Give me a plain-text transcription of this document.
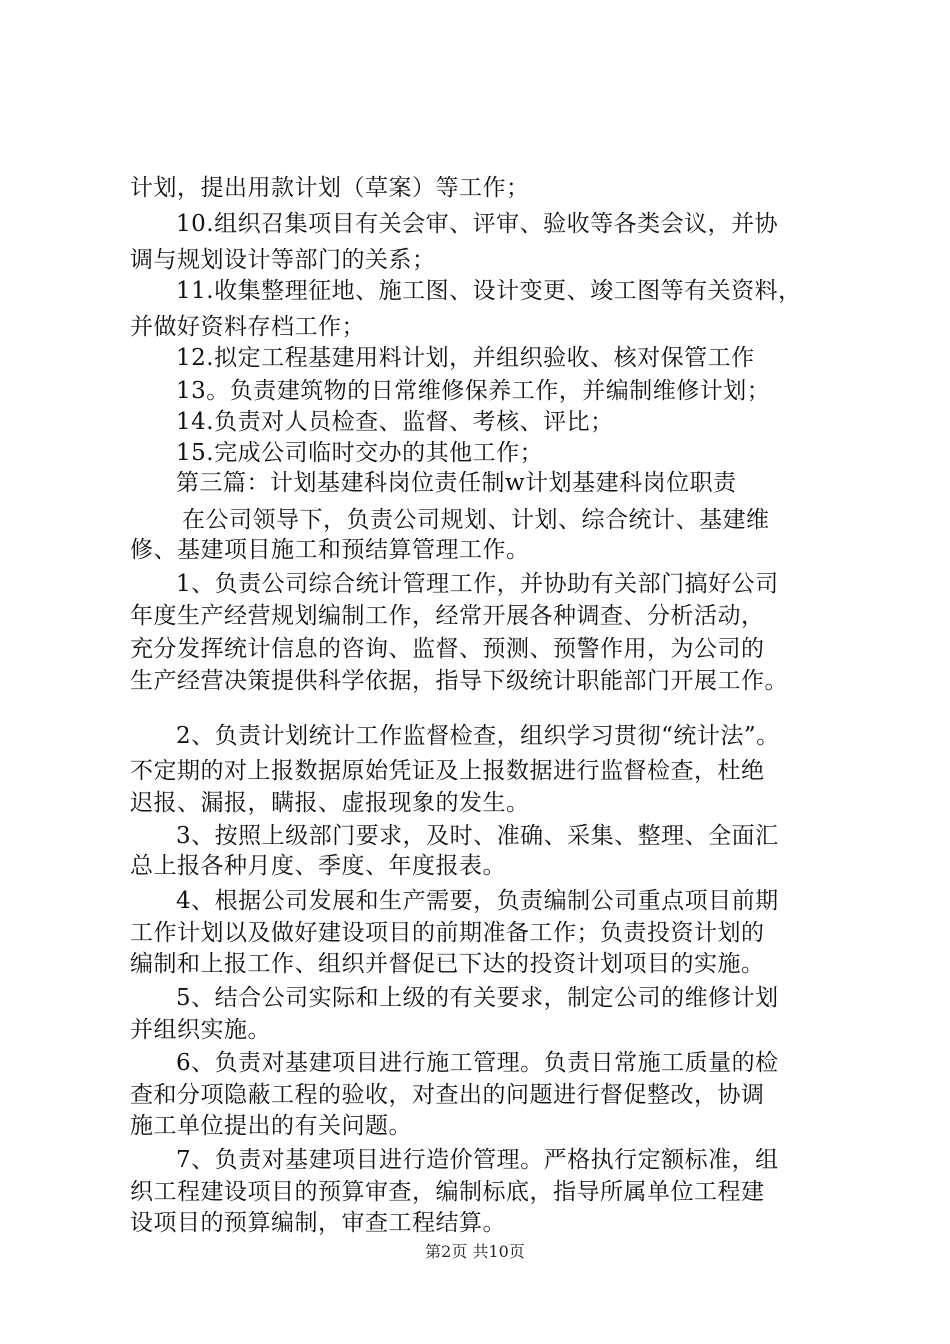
计划，提出用款计划（草案）等工作；
10.组织召集项目有关会审、评审、验收等各类会议，并协
调与规划设计等部门的关系；
11.收集整理征地、施工图、设计变更、竣工图等有关资料，
并做好资料存档工作；
12.拟定工程基建用料计划，并组织验收、核对保管工作
13。负责建筑物的日常维修保养工作，并编制维修计划；
14.负责对人员检查、监督、考核、评比；
15.完成公司临时交办的其他工作；
第三篇：计划基建科岗位责任制w计划基建科岗位职责
在公司领导下，负责公司规划、计划、综合统计、基建维
修、基建项目施工和预结算管理工作。
1、负责公司综合统计管理工作，并协助有关部门搞好公司
年度生产经营规划编制工作，经常开展各种调查、分析活动，
充分发挥统计信息的咨询、监督、预测、预警作用，为公司的
生产经营决策提供科学依据，指导下级统计职能部门开展工作。
2、负责计划统计工作监督检查，组织学习贯彻“统计法”。
不定期的对上报数据原始凭证及上报数据进行监督检查，杜绝
迟报、漏报，瞒报、虚报现象的发生。
3、按照上级部门要求，及时、准确、采集、整理、全面汇
总上报各种月度、季度、年度报表。
4、根据公司发展和生产需要，负责编制公司重点项目前期
工作计划以及做好建设项目的前期准备工作；负责投资计划的
编制和上报工作、组织并督促已下达的投资计划项目的实施。
5、结合公司实际和上级的有关要求，制定公司的维修计划
并组织实施。
6、负责对基建项目进行施工管理。负责日常施工质量的检
查和分项隐蔽工程的验收，对查出的问题进行督促整改，协调
施工单位提出的有关问题。
7、负责对基建项目进行造价管理。严格执行定额标准，组
织工程建设项目的预算审查，编制标底，指导所属单位工程建
设项目的预算编制，审查工程结算。
第2页 共10页
